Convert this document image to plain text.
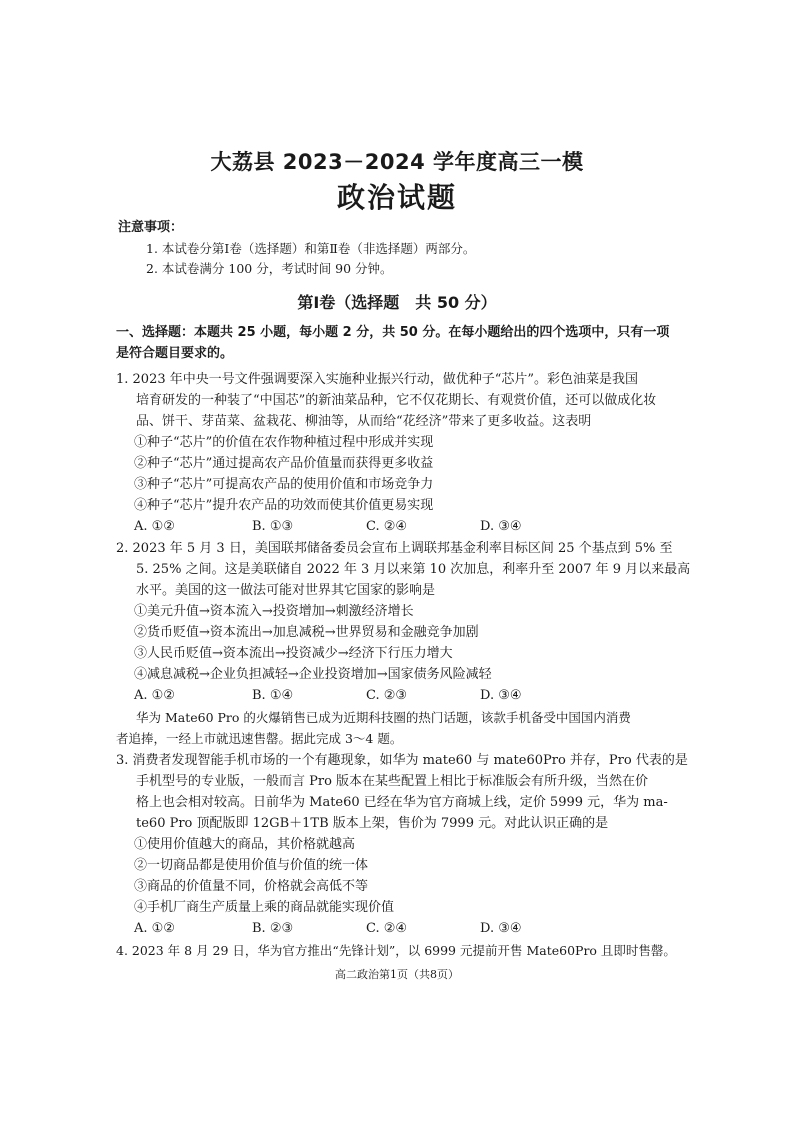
大荔县 2023－2024 学年度高三一模
政治试题
注意事项：
1. 本试卷分第Ⅰ卷（选择题）和第Ⅱ卷（非选择题）两部分。
2. 本试卷满分 100 分，考试时间 90 分钟。
第Ⅰ卷（选择题　共 50 分）
一、选择题：本题共 25 小题，每小题 2 分，共 50 分。在每小题给出的四个选项中，只有一项
是符合题目要求的。
1. 2023 年中央一号文件强调要深入实施种业振兴行动，做优种子“芯片”。彩色油菜是我国
培育研发的一种装了“中国芯”的新油菜品种，它不仅花期长、有观赏价值，还可以做成化妆
品、饼干、芽苗菜、盆栽花、柳油等，从而给“花经济”带来了更多收益。这表明
①种子“芯片”的价值在农作物种植过程中形成并实现
②种子“芯片”通过提高农产品价值量而获得更多收益
③种子“芯片”可提高农产品的使用价值和市场竞争力
④种子“芯片”提升农产品的功效而使其价值更易实现
A. ①②	B. ①③	C. ②④	D. ③④
2. 2023 年 5 月 3 日，美国联邦储备委员会宣布上调联邦基金利率目标区间 25 个基点到 5% 至
5. 25% 之间。这是美联储自 2022 年 3 月以来第 10 次加息，利率升至 2007 年 9 月以来最高
水平。美国的这一做法可能对世界其它国家的影响是
①美元升值→资本流入→投资增加→刺激经济增长
②货币贬值→资本流出→加息减税→世界贸易和金融竞争加剧
③人民币贬值→资本流出→投资减少→经济下行压力增大
④减息减税→企业负担减轻→企业投资增加→国家债务风险减轻
A. ①②	B. ①④	C. ②③	D. ③④
华为 Mate60 Pro 的火爆销售已成为近期科技圈的热门话题，该款手机备受中国国内消费
者追捧，一经上市就迅速售罄。据此完成 3～4 题。
3. 消费者发现智能手机市场的一个有趣现象，如华为 mate60 与 mate60Pro 并存，Pro 代表的是
手机型号的专业版，一般而言 Pro 版本在某些配置上相比于标准版会有所升级，当然在价
格上也会相对较高。日前华为 Mate60 已经在华为官方商城上线，定价 5999 元，华为 ma-
te60 Pro 顶配版即 12GB＋1TB 版本上架，售价为 7999 元。对此认识正确的是
①使用价值越大的商品，其价格就越高
②一切商品都是使用价值与价值的统一体
③商品的价值量不同，价格就会高低不等
④手机厂商生产质量上乘的商品就能实现价值
A. ①②	B. ②③	C. ②④	D. ③④
4. 2023 年 8 月 29 日，华为官方推出“先锋计划”，以 6999 元提前开售 Mate60Pro 且即时售罄。
高二政治第1页（共8页）
